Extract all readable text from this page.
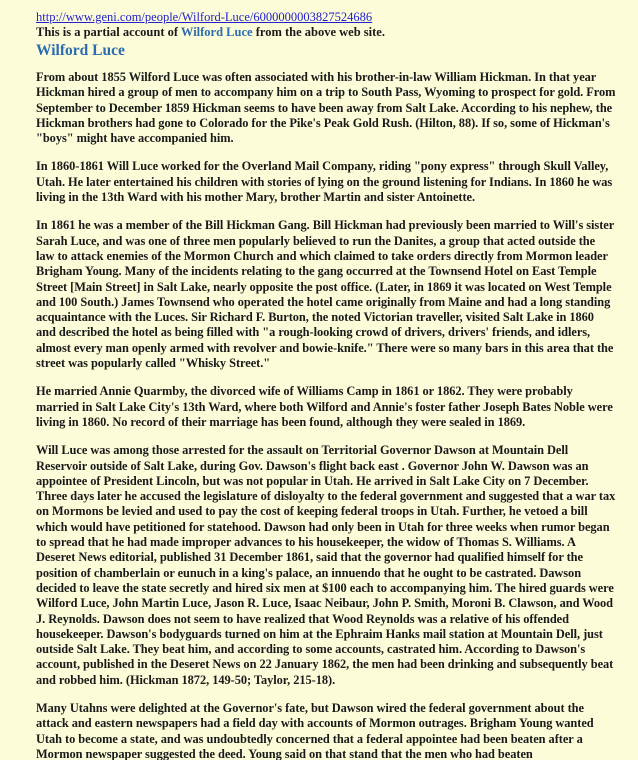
http://www.geni.com/people/Wilford-Luce/6000000003827524686

This is a partial account of Wilford Luce from the above web site.

Wilford Luce

From about 1855 Wilford Luce was often associated with his brother-in-law William Hickman. In that year Hickman hired a group of men to accompany him on a trip to South Pass, Wyoming to prospect for gold. From September to December 1859 Hickman seems to have been away from Salt Lake. According to his nephew, the Hickman brothers had gone to Colorado for the Pike's Peak Gold Rush. (Hilton, 88). If so, some of Hickman's "boys" might have accompanied him.

In 1860-1861 Will Luce worked for the Overland Mail Company, riding "pony express" through Skull Valley, Utah. He later entertained his children with stories of lying on the ground listening for Indians. In 1860 he was living in the 13th Ward with his mother Mary, brother Martin and sister Antoinette.

In 1861 he was a member of the Bill Hickman Gang. Bill Hickman had previously been married to Will's sister Sarah Luce, and was one of three men popularly believed to run the Danites, a group that acted outside the law to attack enemies of the Mormon Church and which claimed to take orders directly from Mormon leader Brigham Young. Many of the incidents relating to the gang occurred at the Townsend Hotel on East Temple Street [Main Street] in Salt Lake, nearly opposite the post office. (Later, in 1869 it was located on West Temple and 100 South.) James Townsend who operated the hotel came originally from Maine and had a long standing acquaintance with the Luces. Sir Richard F. Burton, the noted Victorian traveller, visited Salt Lake in 1860 and described the hotel as being filled with "a rough-looking crowd of drivers, drivers' friends, and idlers, almost every man openly armed with revolver and bowie-knife." There were so many bars in this area that the street was popularly called "Whisky Street."

He married Annie Quarmby, the divorced wife of Williams Camp in 1861 or 1862. They were probably married in Salt Lake City's 13th Ward, where both Wilford and Annie's foster father Joseph Bates Noble were living in 1860. No record of their marriage has been found, although they were sealed in 1869.

Will Luce was among those arrested for the assault on Territorial Governor Dawson at Mountain Dell Reservoir outside of Salt Lake, during Gov. Dawson's flight back east . Governor John W. Dawson was an appointee of President Lincoln, but was not popular in Utah. He arrived in Salt Lake City on 7 December. Three days later he accused the legislature of disloyalty to the federal government and suggested that a war tax on Mormons be levied and used to pay the cost of keeping federal troops in Utah. Further, he vetoed a bill which would have petitioned for statehood. Dawson had only been in Utah for three weeks when rumor began to spread that he had made improper advances to his housekeeper, the widow of Thomas S. Williams. A Deseret News editorial, published 31 December 1861, said that the governor had qualified himself for the position of chamberlain or eunuch in a king's palace, an innuendo that he ought to be castrated. Dawson decided to leave the state secretly and hired six men at $100 each to accompanying him. The hired guards were Wilford Luce, John Martin Luce, Jason R. Luce, Isaac Neibaur, John P. Smith, Moroni B. Clawson, and Wood J. Reynolds. Dawson does not seem to have realized that Wood Reynolds was a relative of his offended housekeeper. Dawson's bodyguards turned on him at the Ephraim Hanks mail station at Mountain Dell, just outside Salt Lake. They beat him, and according to some accounts, castrated him. According to Dawson's account, published in the Deseret News on 22 January 1862, the men had been drinking and subsequently beat and robbed him. (Hickman 1872, 149-50; Taylor, 215-18).

Many Utahns were delighted at the Governor's fate, but Dawson wired the federal government about the attack and eastern newspapers had a field day with accounts of Mormon outrages. Brigham Young wanted Utah to become a state, and was undoubtedly concerned that a federal appointee had been beaten after a Mormon newspaper suggested the deed. Young said on that stand that the men who had beaten
